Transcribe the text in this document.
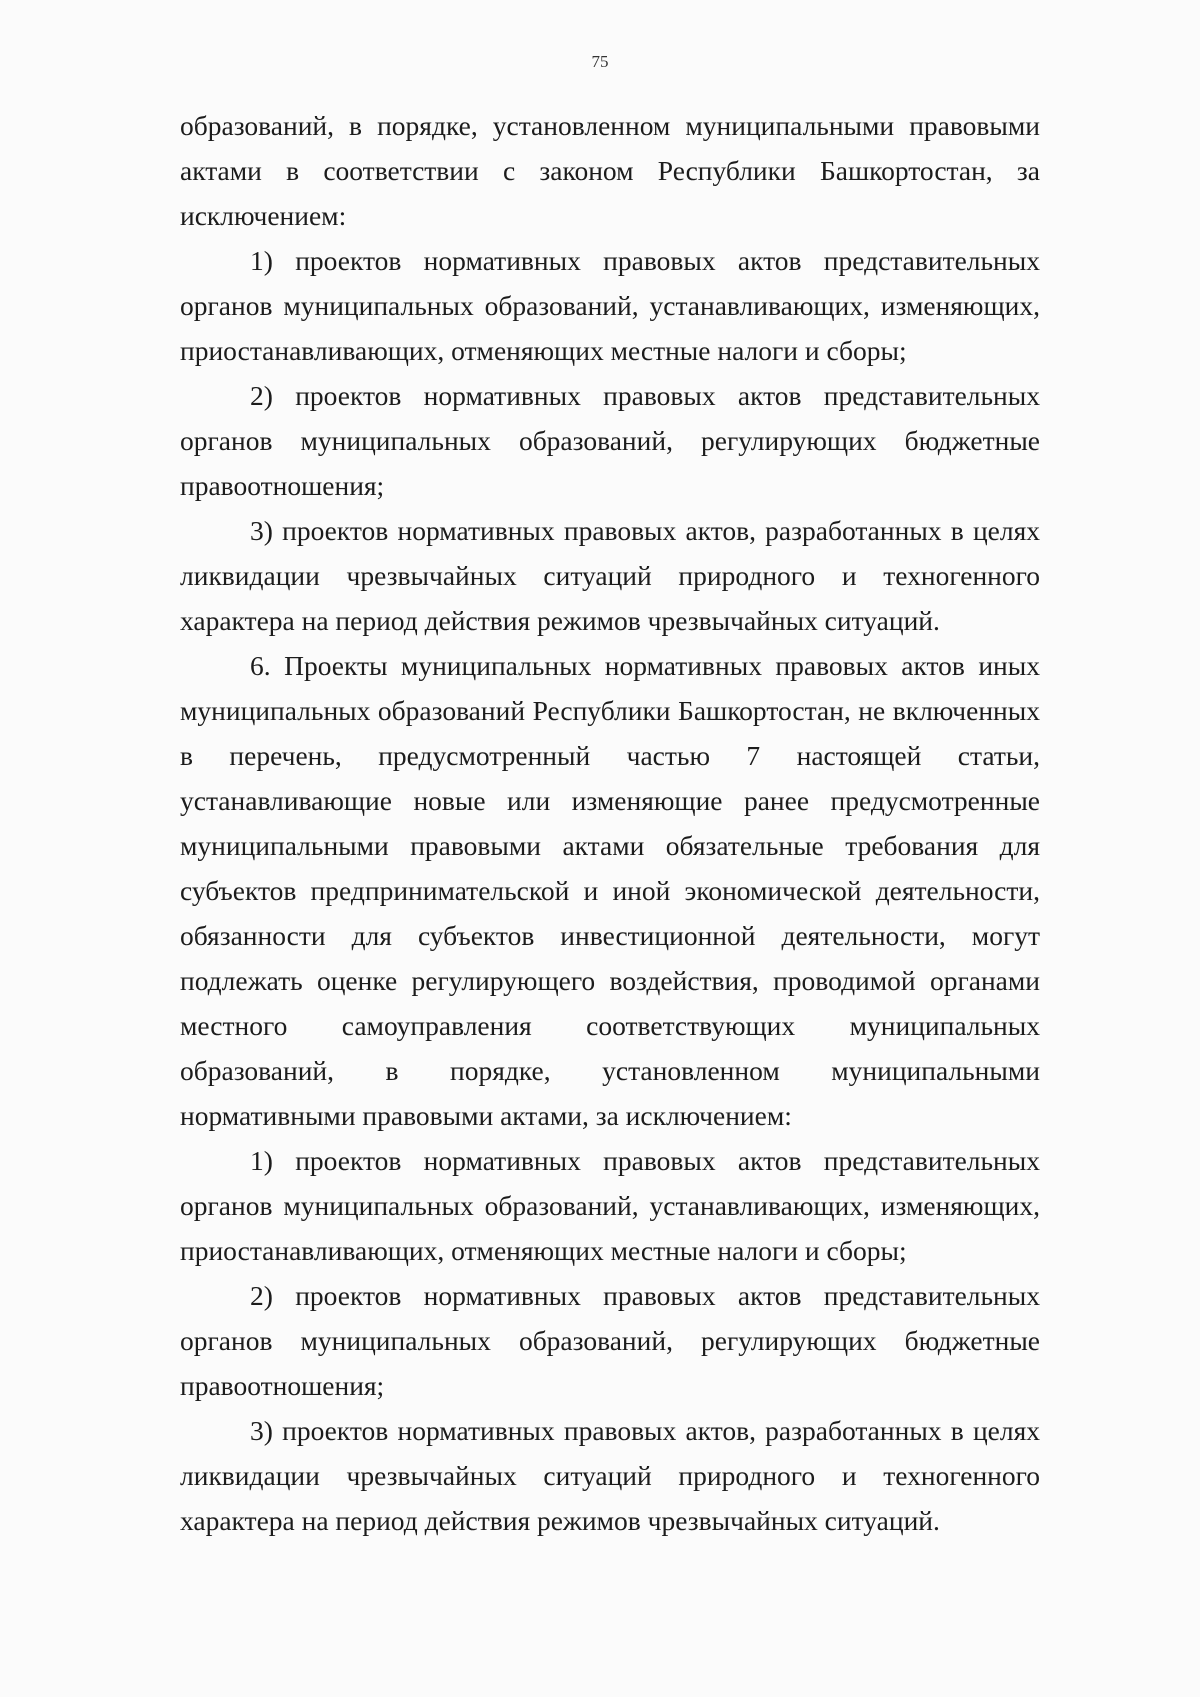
75

образований, в порядке, установленном муниципальными правовыми актами в соответствии с законом Республики Башкортостан, за исключением:

1) проектов нормативных правовых актов представительных органов муниципальных образований, устанавливающих, изменяющих, приостанавливающих, отменяющих местные налоги и сборы;

2) проектов нормативных правовых актов представительных органов муниципальных образований, регулирующих бюджетные правоотношения;

3) проектов нормативных правовых актов, разработанных в целях ликвидации чрезвычайных ситуаций природного и техногенного характера на период действия режимов чрезвычайных ситуаций.

6. Проекты муниципальных нормативных правовых актов иных муниципальных образований Республики Башкортостан, не включенных в перечень, предусмотренный частью 7 настоящей статьи, устанавливающие новые или изменяющие ранее предусмотренные муниципальными правовыми актами обязательные требования для субъектов предпринимательской и иной экономической деятельности, обязанности для субъектов инвестиционной деятельности, могут подлежать оценке регулирующего воздействия, проводимой органами местного самоуправления соответствующих муниципальных образований, в порядке, установленном муниципальными нормативными правовыми актами, за исключением:

1) проектов нормативных правовых актов представительных органов муниципальных образований, устанавливающих, изменяющих, приостанавливающих, отменяющих местные налоги и сборы;

2) проектов нормативных правовых актов представительных органов муниципальных образований, регулирующих бюджетные правоотношения;

3) проектов нормативных правовых актов, разработанных в целях ликвидации чрезвычайных ситуаций природного и техногенного характера на период действия режимов чрезвычайных ситуаций.
